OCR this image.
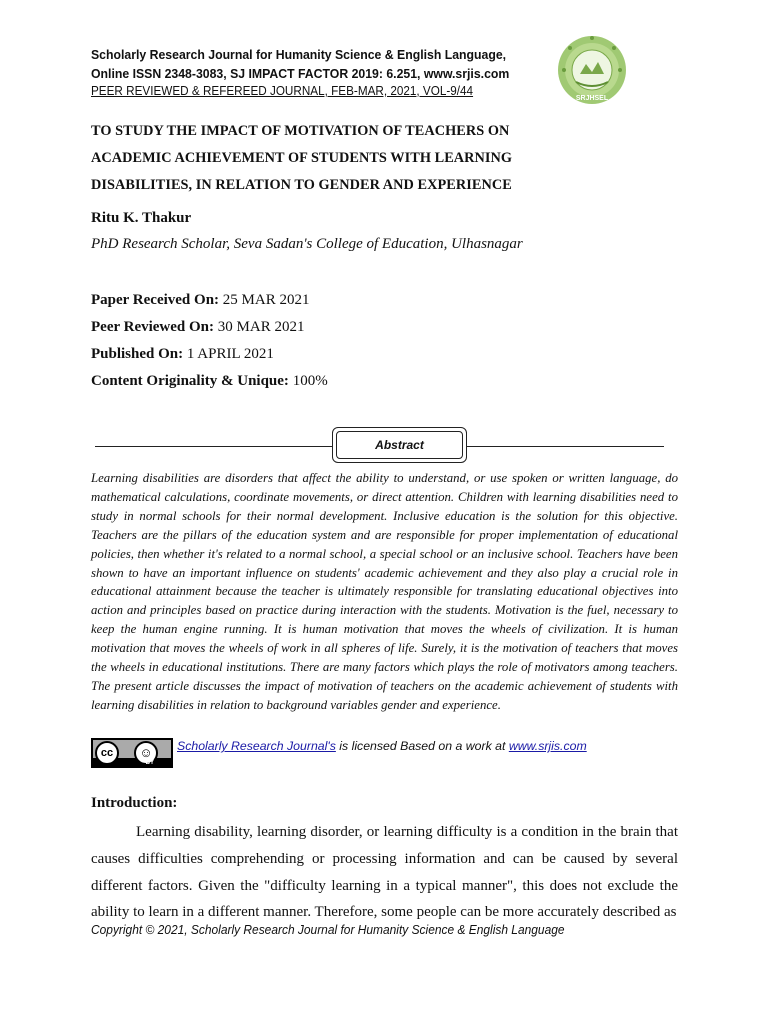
Scholarly Research Journal for Humanity Science & English Language,
Online ISSN 2348-3083, SJ IMPACT FACTOR 2019: 6.251, www.srjis.com
PEER REVIEWED & REFEREED JOURNAL, FEB-MAR, 2021, VOL-9/44
SRJHSEL
TO STUDY THE IMPACT OF MOTIVATION OF TEACHERS ON
ACADEMIC ACHIEVEMENT OF STUDENTS WITH LEARNING
DISABILITIES, IN RELATION TO GENDER AND EXPERIENCE
Ritu K. Thakur
PhD Research Scholar, Seva Sadan's College of Education, Ulhasnagar
Paper Received On: 25 MAR 2021
Peer Reviewed On: 30 MAR 2021
Published On: 1 APRIL 2021
Content Originality & Unique: 100%
Abstract
Learning disabilities are disorders that affect the ability to understand, or use spoken or written language, do mathematical calculations, coordinate movements, or direct attention. Children with learning disabilities need to study in normal schools for their normal development. Inclusive education is the solution for this objective. Teachers are the pillars of the education system and are responsible for proper implementation of educational policies, then whether it's related to a normal school, a special school or an inclusive school. Teachers have been shown to have an important influence on students' academic achievement and they also play a crucial role in educational attainment because the teacher is ultimately responsible for translating educational objectives into action and principles based on practice during interaction with the students. Motivation is the fuel, necessary to keep the human engine running. It is human motivation that moves the wheels of civilization. It is human motivation that moves the wheels of work in all spheres of life. Surely, it is the motivation of teachers that moves the wheels in educational institutions. There are many factors which plays the role of motivators among teachers. The present article discusses the impact of motivation of teachers on the academic achievement of students with learning disabilities in relation to background variables gender and experience.
cc	☺
BY
Scholarly Research Journal's is licensed Based on a work at www.srjis.com
Introduction:
Learning disability, learning disorder, or learning difficulty is a condition in the brain that causes difficulties comprehending or processing information and can be caused by several different factors. Given the "difficulty learning in a typical manner", this does not exclude the ability to learn in a different manner. Therefore, some people can be more accurately described as
Copyright © 2021, Scholarly Research Journal for Humanity Science & English Language
